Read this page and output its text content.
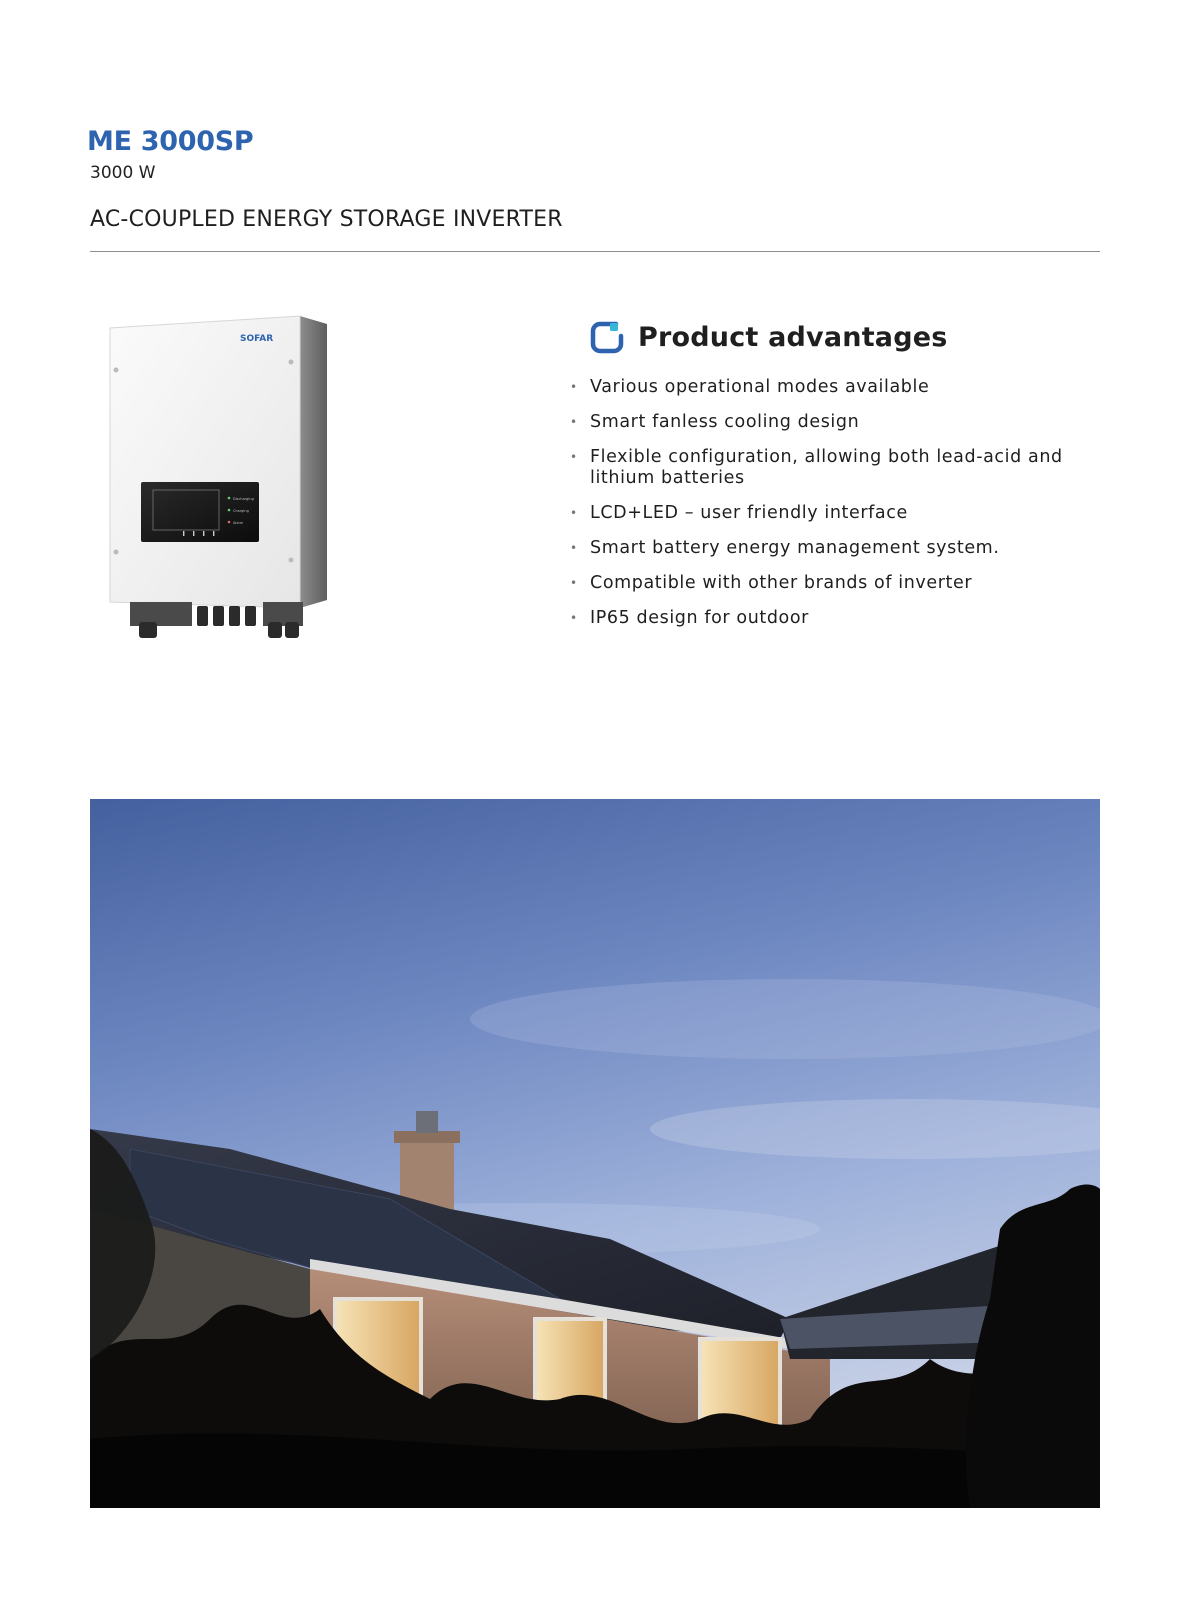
ME 3000SP
3000 W
AC-COUPLED ENERGY STORAGE INVERTER
SOFAR
Discharging
Charging
Alarm
Product advantages
• Various operational modes available
• Smart fanless cooling design
• Flexible configuration, allowing both lead-acid and lithium batteries
• LCD+LED – user friendly interface
• Smart battery energy management system.
• Compatible with other brands of inverter
• IP65 design for outdoor
